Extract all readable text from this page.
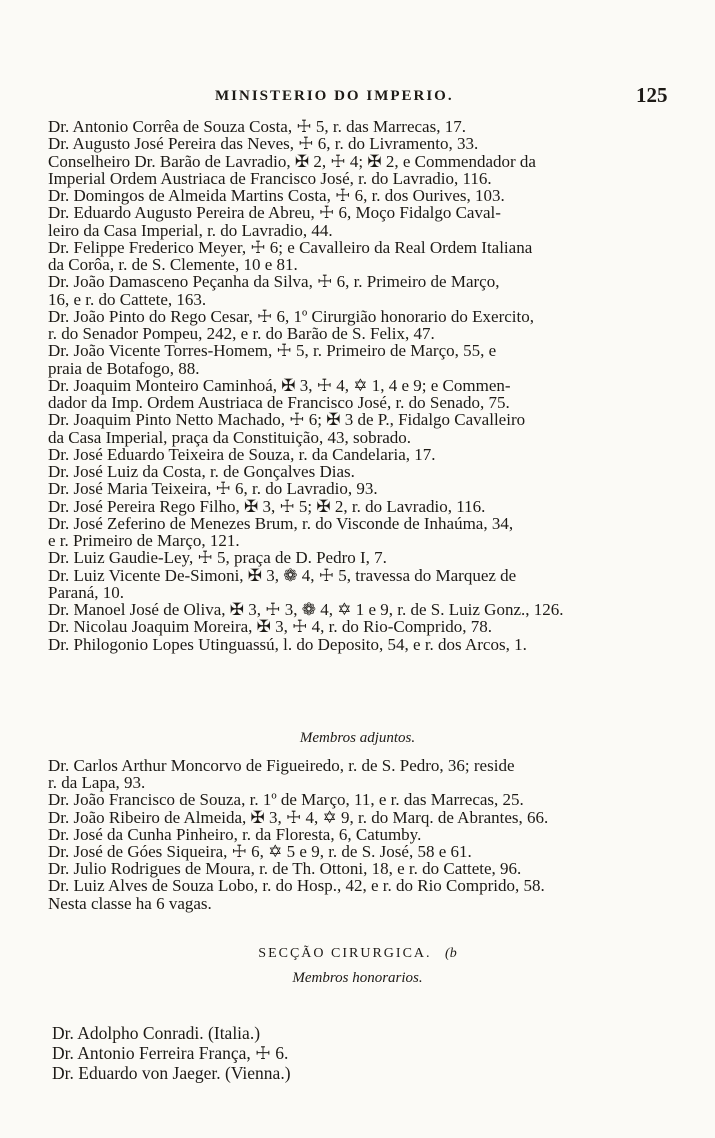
MINISTERIO DO IMPERIO.	125
Dr. Antonio Corrêa de Souza Costa, ☩ 5, r. das Marrecas, 17.
Dr. Augusto José Pereira das Neves, ☩ 6, r. do Livramento, 33.
Conselheiro Dr. Barão de Lavradio, ✠ 2, ☩ 4; ✠ 2, e Commendador da
Imperial Ordem Austriaca de Francisco José, r. do Lavradio, 116.
Dr. Domingos de Almeida Martins Costa, ☩ 6, r. dos Ourives, 103.
Dr. Eduardo Augusto Pereira de Abreu, ☩ 6, Moço Fidalgo Caval-
leiro da Casa Imperial, r. do Lavradio, 44.
Dr. Felippe Frederico Meyer, ☩ 6; e Cavalleiro da Real Ordem Italiana
da Corôa, r. de S. Clemente, 10 e 81.
Dr. João Damasceno Peçanha da Silva, ☩ 6, r. Primeiro de Março,
16, e r. do Cattete, 163.
Dr. João Pinto do Rego Cesar, ☩ 6, 1º Cirurgião honorario do Exercito,
r. do Senador Pompeu, 242, e r. do Barão de S. Felix, 47.
Dr. João Vicente Torres-Homem, ☩ 5, r. Primeiro de Março, 55, e
praia de Botafogo, 88.
Dr. Joaquim Monteiro Caminhoá, ✠ 3, ☩ 4, ✡ 1, 4 e 9; e Commen-
dador da Imp. Ordem Austriaca de Francisco José, r. do Senado, 75.
Dr. Joaquim Pinto Netto Machado, ☩ 6; ✠ 3 de P., Fidalgo Cavalleiro
da Casa Imperial, praça da Constituição, 43, sobrado.
Dr. José Eduardo Teixeira de Souza, r. da Candelaria, 17.
Dr. José Luiz da Costa, r. de Gonçalves Dias.
Dr. José Maria Teixeira, ☩ 6, r. do Lavradio, 93.
Dr. José Pereira Rego Filho, ✠ 3, ☩ 5; ✠ 2, r. do Lavradio, 116.
Dr. José Zeferino de Menezes Brum, r. do Visconde de Inhaúma, 34,
e r. Primeiro de Março, 121.
Dr. Luiz Gaudie-Ley, ☩ 5, praça de D. Pedro I, 7.
Dr. Luiz Vicente De-Simoni, ✠ 3, ❁ 4, ☩ 5, travessa do Marquez de
Paraná, 10.
Dr. Manoel José de Oliva, ✠ 3, ☩ 3, ❁ 4, ✡ 1 e 9, r. de S. Luiz Gonz., 126.
Dr. Nicolau Joaquim Moreira, ✠ 3, ☩ 4, r. do Rio-Comprido, 78.
Dr. Philogonio Lopes Utinguassú, l. do Deposito, 54, e r. dos Arcos, 1.
Membros adjuntos.
Dr. Carlos Arthur Moncorvo de Figueiredo, r. de S. Pedro, 36; reside
r. da Lapa, 93.
Dr. João Francisco de Souza, r. 1º de Março, 11, e r. das Marrecas, 25.
Dr. João Ribeiro de Almeida, ✠ 3, ☩ 4, ✡ 9, r. do Marq. de Abrantes, 66.
Dr. José da Cunha Pinheiro, r. da Floresta, 6, Catumby.
Dr. José de Góes Siqueira, ☩ 6, ✡ 5 e 9, r. de S. José, 58 e 61.
Dr. Julio Rodrigues de Moura, r. de Th. Ottoni, 18, e r. do Cattete, 96.
Dr. Luiz Alves de Souza Lobo, r. do Hosp., 42, e r. do Rio Comprido, 58.
Nesta classe ha 6 vagas.
SECÇÃO CIRURGICA. (b
Membros honorarios.
Dr. Adolpho Conradi. (Italia.)
Dr. Antonio Ferreira França, ☩ 6.
Dr. Eduardo von Jaeger. (Vienna.)
